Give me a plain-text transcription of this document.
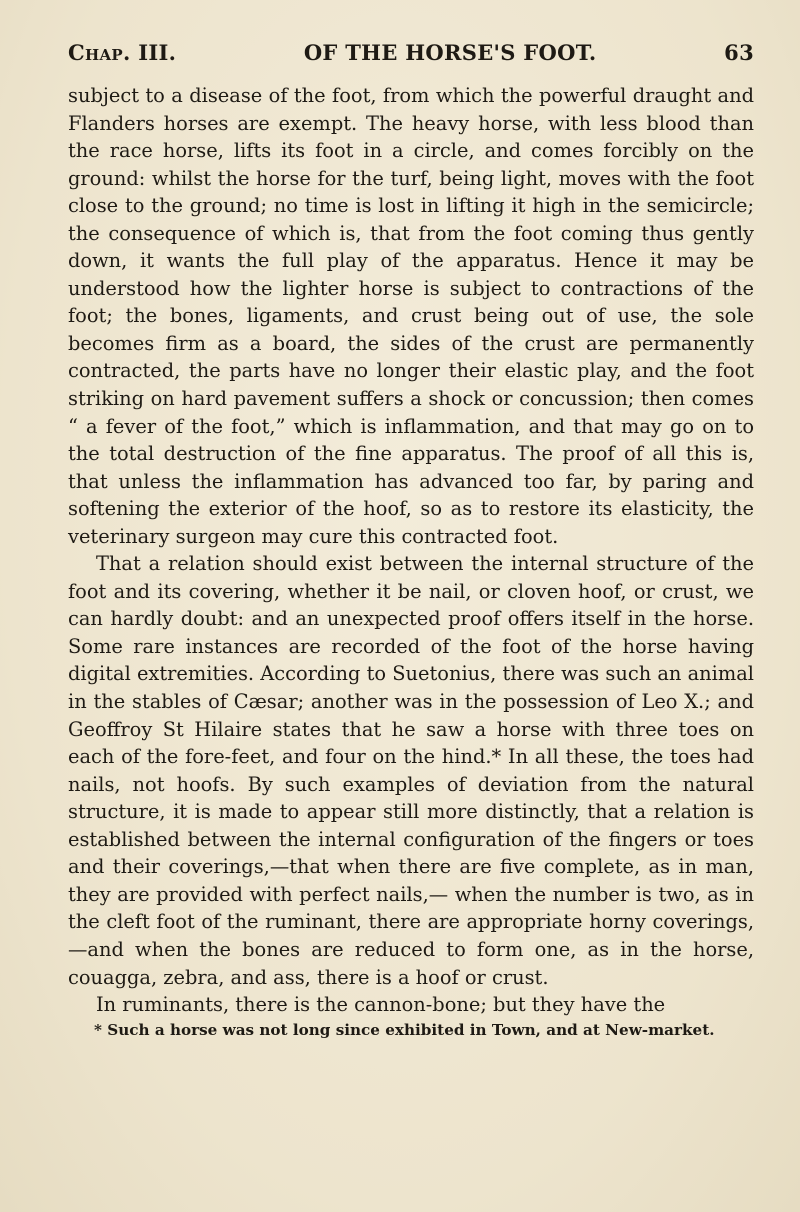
Chap. III.	OF THE HORSE'S FOOT.	63

subject to a disease of the foot, from which the powerful draught and Flanders horses are exempt. The heavy horse, with less blood than the race horse, lifts its foot in a circle, and comes forcibly on the ground: whilst the horse for the turf, being light, moves with the foot close to the ground; no time is lost in lifting it high in the semicircle; the consequence of which is, that from the foot coming thus gently down, it wants the full play of the apparatus. Hence it may be understood how the lighter horse is subject to contractions of the foot; the bones, ligaments, and crust being out of use, the sole becomes firm as a board, the sides of the crust are permanently contracted, the parts have no longer their elastic play, and the foot striking on hard pavement suffers a shock or concussion; then comes “ a fever of the foot,” which is inflammation, and that may go on to the total destruction of the fine apparatus. The proof of all this is, that unless the inflammation has advanced too far, by paring and softening the exterior of the hoof, so as to restore its elasticity, the veterinary surgeon may cure this contracted foot.

That a relation should exist between the internal structure of the foot and its covering, whether it be nail, or cloven hoof, or crust, we can hardly doubt: and an unexpected proof offers itself in the horse. Some rare instances are recorded of the foot of the horse having digital extremities. According to Suetonius, there was such an animal in the stables of Cæsar; another was in the possession of Leo X.; and Geoffroy St Hilaire states that he saw a horse with three toes on each of the fore-feet, and four on the hind.* In all these, the toes had nails, not hoofs. By such examples of deviation from the natural structure, it is made to appear still more distinctly, that a relation is established between the internal configuration of the fingers or toes and their coverings,—that when there are five complete, as in man, they are provided with perfect nails,— when the number is two, as in the cleft foot of the ruminant, there are appropriate horny coverings,—and when the bones are reduced to form one, as in the horse, couagga, zebra, and ass, there is a hoof or crust.

In ruminants, there is the cannon-bone; but they have the

* Such a horse was not long since exhibited in Town, and at New-market.
